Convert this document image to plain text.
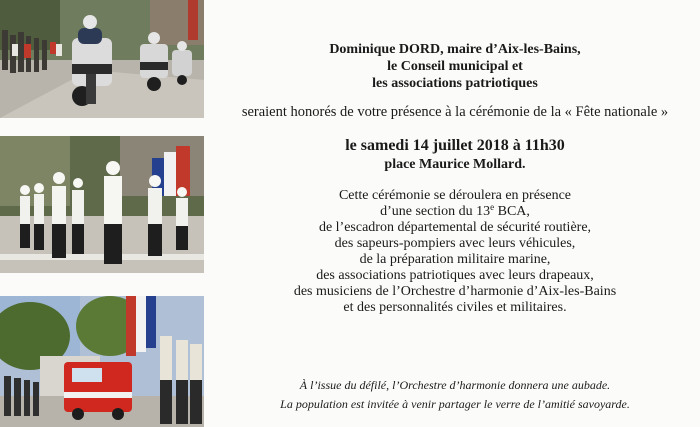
Dominique DORD, maire d’Aix-les-Bains,
le Conseil municipal et
les associations patriotiques
seraient honorés de votre présence à la cérémonie de la « Fête nationale »
le samedi 14 juillet 2018 à 11h30
place Maurice Mollard.
Cette cérémonie se déroulera en présence
d’une section du 13e BCA,
de l’escadron départemental de sécurité routière,
des sapeurs-pompiers avec leurs véhicules,
de la préparation militaire marine,
des associations patriotiques avec leurs drapeaux,
des musiciens de l’Orchestre d’harmonie d’Aix-les-Bains
et des personnalités civiles et militaires.
À l’issue du défilé, l’Orchestre d’harmonie donnera une aubade.
La population est invitée à venir partager le verre de l’amitié savoyarde.
